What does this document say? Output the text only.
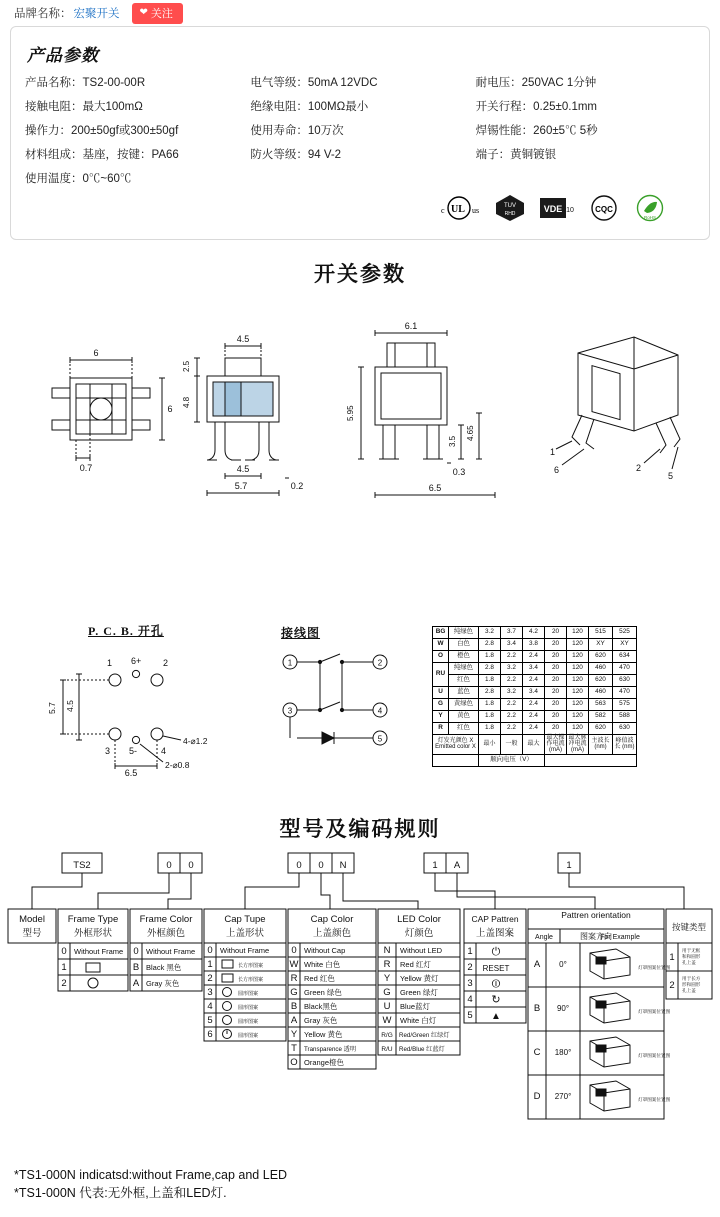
品牌名称： 宏聚开关 ❤ 关注
产品参数
产品名称：TS2-00-00R	电气等级：50mA 12VDC	耐电压：250VAC 1分钟
接触电阻：最大100mΩ	绝缘电阻：100MΩ最小	开关行程：0.25±0.1mm
操作力：200±50gf或300±50gf	使用寿命：10万次	焊锡性能：260±5℃ 5秒
材料组成：基座，按键：PA66	防火等级：94 V-2	端子：黄铜镀银
使用温度：0℃~60℃
c UL us	TUV
RHD	VDE 10	CQC
RoHS
开关参数
6
6
0.7
4.5
2.5
4.8
4.5
5.7	0.2
6.1
5.95
3.5
4.65
0.3
6.5
1
6	2
5
P. C. B. 开孔	接线图
1 6+ 2
3 5-	4
5.7 4.5
6.5
4-⌀1.2
2-⌀0.8
1	2
3	4
5
BG	纯绿色	3.2	3.7	4.2	20	120	515	525
W	白色	2.8	3.4	3.8	20	120	XY	XY
O	橙色	1.8	2.2	2.4	20	120	620	634
RU	纯绿色	2.8	3.2	3.4	20	120	460	470
	红色	1.8	2.2	2.4	20	120	620	630
U	蓝色	2.8	3.2	3.4	20	120	460	470
G	黄绿色	1.8	2.2	2.4	20	120	563	575
Y	黄色	1.8	2.2	2.4	20	120	582	588
R	红色	1.8	2.2	2.4	20	120	620	630
灯发光颜色 X
Emitted color X		最小	一般	最大	最大操作电流 (mA)	最大脉冲电流 (mA)	主波长 (nm)	峰值波长 (nm)
		顺向电压（V）						
型号及编码规则
TS2	0 0	0 0 N	1 A	1
Model
型号
Frame Type
外框形状
0 Without Frame
1
2
Frame Color
外框颜色
0 Without Frame
B Black 黑色
A Gray 灰色
Cap Tupe
上盖形状
0 Without Frame
1	长方形图案
2	长方形图案
3	圆形图案
4	圆形图案
5	圆形图案
6	圆形图案
Cap Color
上盖颜色
0 Without Cap
W White 白色
R Red 红色
G Green 绿色
B Black黑色
A Gray 灰色
Y Yellow 黄色
T Transparence 透明
O Orange橙色
LED Color
灯颜色
N Without LED
R Red 红灯
Y Yellow 黄灯
G Green 绿灯
U Blue蓝灯
W White 白灯
R/G Red/Green 红绿灯
R/U Red/Blue 红蓝灯
CAP Pattren
上盖图案
1 ⏻
2 RESET
3 ⏼
4 ↻
5 ▲
Pattren orientation
图案方向
Angle	For Example
A 0°	灯罩图案位置图
B 90°	灯罩图案位置图
C 180°	灯罩图案位置图
D 270°	灯罩图案位置图
按键类型
1
用于无框
和和圆形
孔上盖
2
用于长方
形和圆形
孔上盖
*TS1-000N indicatsd:without Frame,cap and LED
*TS1-000N 代表:无外框,上盖和LED灯.
